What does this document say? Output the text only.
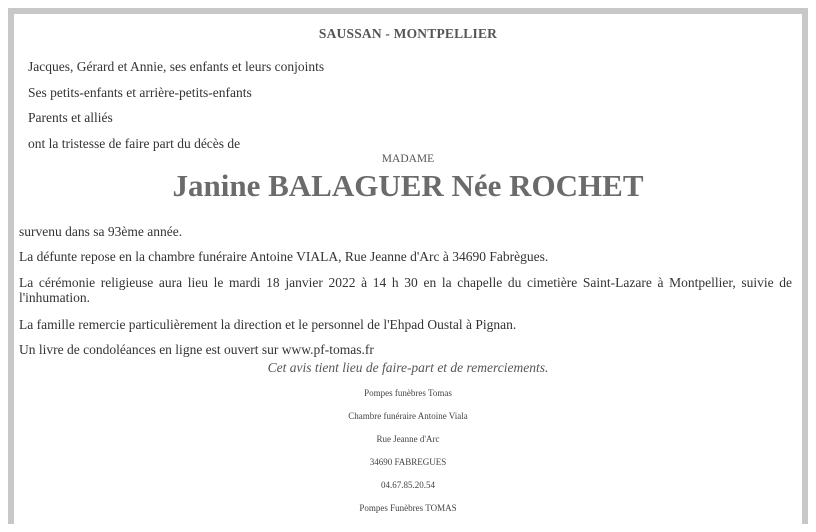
SAUSSAN - MONTPELLIER
Jacques, Gérard et Annie, ses enfants et leurs conjoints
Ses petits-enfants et arrière-petits-enfants
Parents et alliés
ont la tristesse de faire part du décès de
MADAME
Janine BALAGUER Née ROCHET
survenu dans sa 93ème année.
La défunte repose en la chambre funéraire Antoine VIALA, Rue Jeanne d'Arc à 34690 Fabrègues.
La cérémonie religieuse aura lieu le mardi 18 janvier 2022 à 14 h 30 en la chapelle du cimetière Saint-Lazare à Montpellier, suivie de l'inhumation.
La famille remercie particulièrement la direction et le personnel de l'Ehpad Oustal à Pignan.
Un livre de condoléances en ligne est ouvert sur www.pf-tomas.fr
Cet avis tient lieu de faire-part et de remerciements.
Pompes funèbres Tomas
Chambre funéraire Antoine Viala
Rue Jeanne d'Arc
34690 FABREGUES
04.67.85.20.54
Pompes Funèbres TOMAS
